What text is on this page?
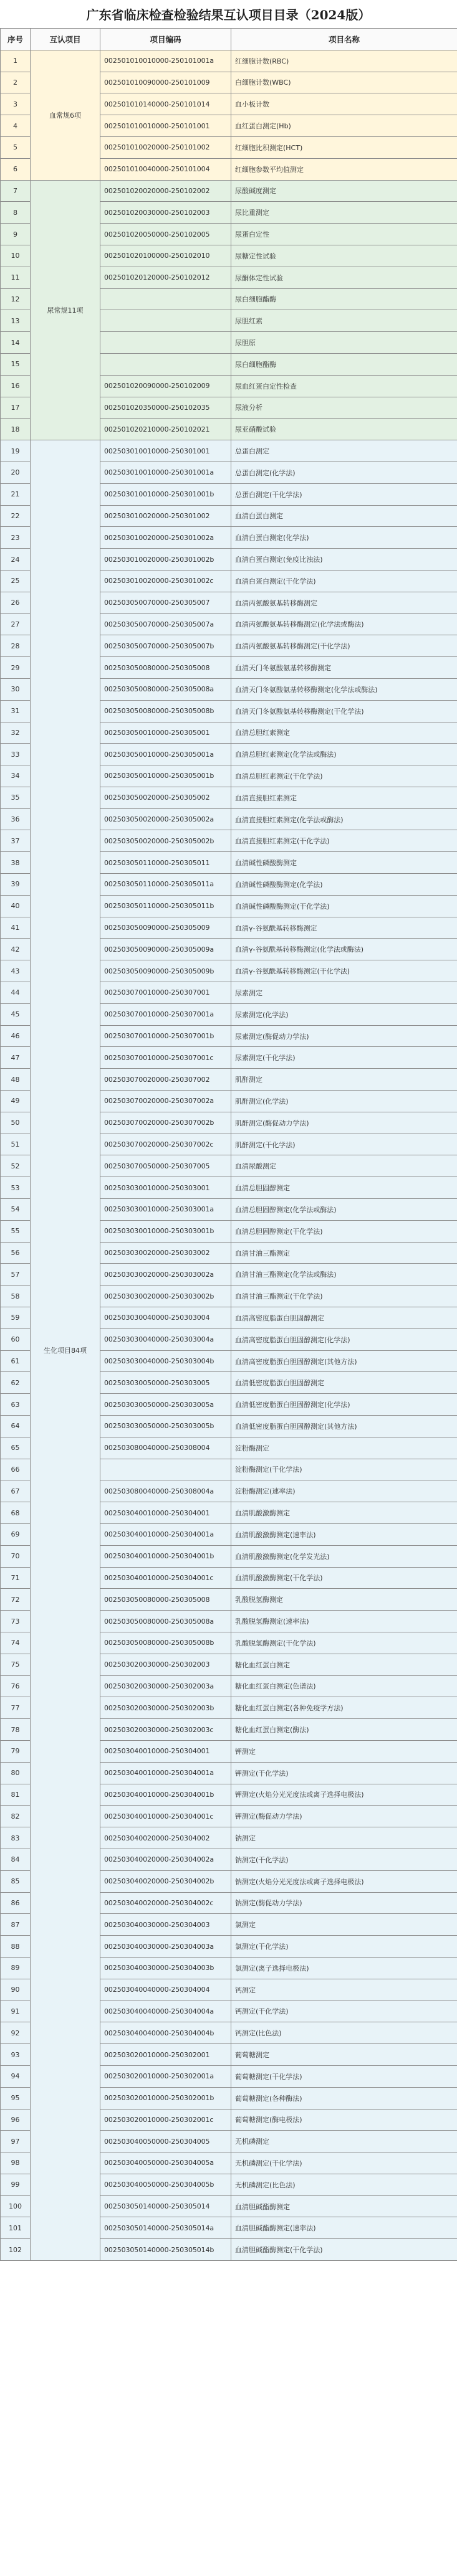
广东省临床检查检验结果互认项目目录（2024版）
序号	互认项目	项目编码	项目名称
1	血常规6项	002501010010000-250101001a	红细胞计数(RBC)
2		002501010090000-250101009	白细胞计数(WBC)
3		002501010140000-250101014	血小板计数
4		002501010010000-250101001	血红蛋白测定(Hb)
5		002501010020000-250101002	红细胞比积测定(HCT)
6		002501010040000-250101004	红细胞参数平均值测定
7	尿常规11项	002501020020000-250102002	尿酸碱度测定
8		002501020030000-250102003	尿比重测定
9		002501020050000-250102005	尿蛋白定性
10		002501020100000-250102010	尿糖定性试验
11		002501020120000-250102012	尿酮体定性试验
12			尿白细胞酯酶
13			尿胆红素
14			尿胆原
15			尿白细胞酯酶
16		002501020090000-250102009	尿血红蛋白定性检查
17		002501020350000-250102035	尿液分析
18		002501020210000-250102021	尿亚硝酸试验
19	生化项目84项	002503010010000-250301001	总蛋白测定
20		002503010010000-250301001a	总蛋白测定(化学法)
21		002503010010000-250301001b	总蛋白测定(干化学法)
22		002503010020000-250301002	血清白蛋白测定
23		002503010020000-250301002a	血清白蛋白测定(化学法)
24		002503010020000-250301002b	血清白蛋白测定(免疫比浊法)
25		002503010020000-250301002c	血清白蛋白测定(干化学法)
26		002503050070000-250305007	血清丙氨酸氨基转移酶测定
27		002503050070000-250305007a	血清丙氨酸氨基转移酶测定(化学法或酶法)
28		002503050070000-250305007b	血清丙氨酸氨基转移酶测定(干化学法)
29		002503050080000-250305008	血清天门冬氨酸氨基转移酶测定
30		002503050080000-250305008a	血清天门冬氨酸氨基转移酶测定(化学法或酶法)
31		002503050080000-250305008b	血清天门冬氨酸氨基转移酶测定(干化学法)
32		002503050010000-250305001	血清总胆红素测定
33		002503050010000-250305001a	血清总胆红素测定(化学法或酶法)
34		002503050010000-250305001b	血清总胆红素测定(干化学法)
35		002503050020000-250305002	血清直接胆红素测定
36		002503050020000-250305002a	血清直接胆红素测定(化学法或酶法)
37		002503050020000-250305002b	血清直接胆红素测定(干化学法)
38		002503050110000-250305011	血清碱性磷酸酶测定
39		002503050110000-250305011a	血清碱性磷酸酶测定(化学法)
40		002503050110000-250305011b	血清碱性磷酸酶测定(干化学法)
41		002503050090000-250305009	血清γ-谷氨酰基转移酶测定
42		002503050090000-250305009a	血清γ-谷氨酰基转移酶测定(化学法或酶法)
43		002503050090000-250305009b	血清γ-谷氨酰基转移酶测定(干化学法)
44		002503070010000-250307001	尿素测定
45		002503070010000-250307001a	尿素测定(化学法)
46		002503070010000-250307001b	尿素测定(酶促动力学法)
47		002503070010000-250307001c	尿素测定(干化学法)
48		002503070020000-250307002	肌酐测定
49		002503070020000-250307002a	肌酐测定(化学法)
50		002503070020000-250307002b	肌酐测定(酶促动力学法)
51		002503070020000-250307002c	肌酐测定(干化学法)
52		002503070050000-250307005	血清尿酸测定
53		002503030010000-250303001	血清总胆固醇测定
54		002503030010000-250303001a	血清总胆固醇测定(化学法或酶法)
55		002503030010000-250303001b	血清总胆固醇测定(干化学法)
56		002503030020000-250303002	血清甘油三酯测定
57		002503030020000-250303002a	血清甘油三酯测定(化学法或酶法)
58		002503030020000-250303002b	血清甘油三酯测定(干化学法)
59		002503030040000-250303004	血清高密度脂蛋白胆固醇测定
60		002503030040000-250303004a	血清高密度脂蛋白胆固醇测定(化学法)
61		002503030040000-250303004b	血清高密度脂蛋白胆固醇测定(其他方法)
62		002503030050000-250303005	血清低密度脂蛋白胆固醇测定
63		002503030050000-250303005a	血清低密度脂蛋白胆固醇测定(化学法)
64		002503030050000-250303005b	血清低密度脂蛋白胆固醇测定(其他方法)
65		002503080040000-250308004	淀粉酶测定
66			淀粉酶测定(干化学法)
67		002503080040000-250308004a	淀粉酶测定(速率法)
68		002503040010000-250304001	血清肌酸激酶测定
69		002503040010000-250304001a	血清肌酸激酶测定(速率法)
70		002503040010000-250304001b	血清肌酸激酶测定(化学发光法)
71		002503040010000-250304001c	血清肌酸激酶测定(干化学法)
72		002503050080000-250305008	乳酸脱氢酶测定
73		002503050080000-250305008a	乳酸脱氢酶测定(速率法)
74		002503050080000-250305008b	乳酸脱氢酶测定(干化学法)
75		002503020030000-250302003	糖化血红蛋白测定
76		002503020030000-250302003a	糖化血红蛋白测定(色谱法)
77		002503020030000-250302003b	糖化血红蛋白测定(各种免疫学方法)
78		002503020030000-250302003c	糖化血红蛋白测定(酶法)
79		002503040010000-250304001	钾测定
80		002503040010000-250304001a	钾测定(干化学法)
81		002503040010000-250304001b	钾测定(火焰分光光度法或离子选择电极法)
82		002503040010000-250304001c	钾测定(酶促动力学法)
83		002503040020000-250304002	钠测定
84		002503040020000-250304002a	钠测定(干化学法)
85		002503040020000-250304002b	钠测定(火焰分光光度法或离子选择电极法)
86		002503040020000-250304002c	钠测定(酶促动力学法)
87		002503040030000-250304003	氯测定
88		002503040030000-250304003a	氯测定(干化学法)
89		002503040030000-250304003b	氯测定(离子选择电极法)
90		002503040040000-250304004	钙测定
91		002503040040000-250304004a	钙测定(干化学法)
92		002503040040000-250304004b	钙测定(比色法)
93		002503020010000-250302001	葡萄糖测定
94		002503020010000-250302001a	葡萄糖测定(干化学法)
95		002503020010000-250302001b	葡萄糖测定(各种酶法)
96		002503020010000-250302001c	葡萄糖测定(酶电极法)
97		002503040050000-250304005	无机磷测定
98		002503040050000-250304005a	无机磷测定(干化学法)
99		002503040050000-250304005b	无机磷测定(比色法)
100		002503050140000-250305014	血清胆碱酯酶测定
101		002503050140000-250305014a	血清胆碱酯酶测定(速率法)
102		002503050140000-250305014b	血清胆碱酯酶测定(干化学法)
